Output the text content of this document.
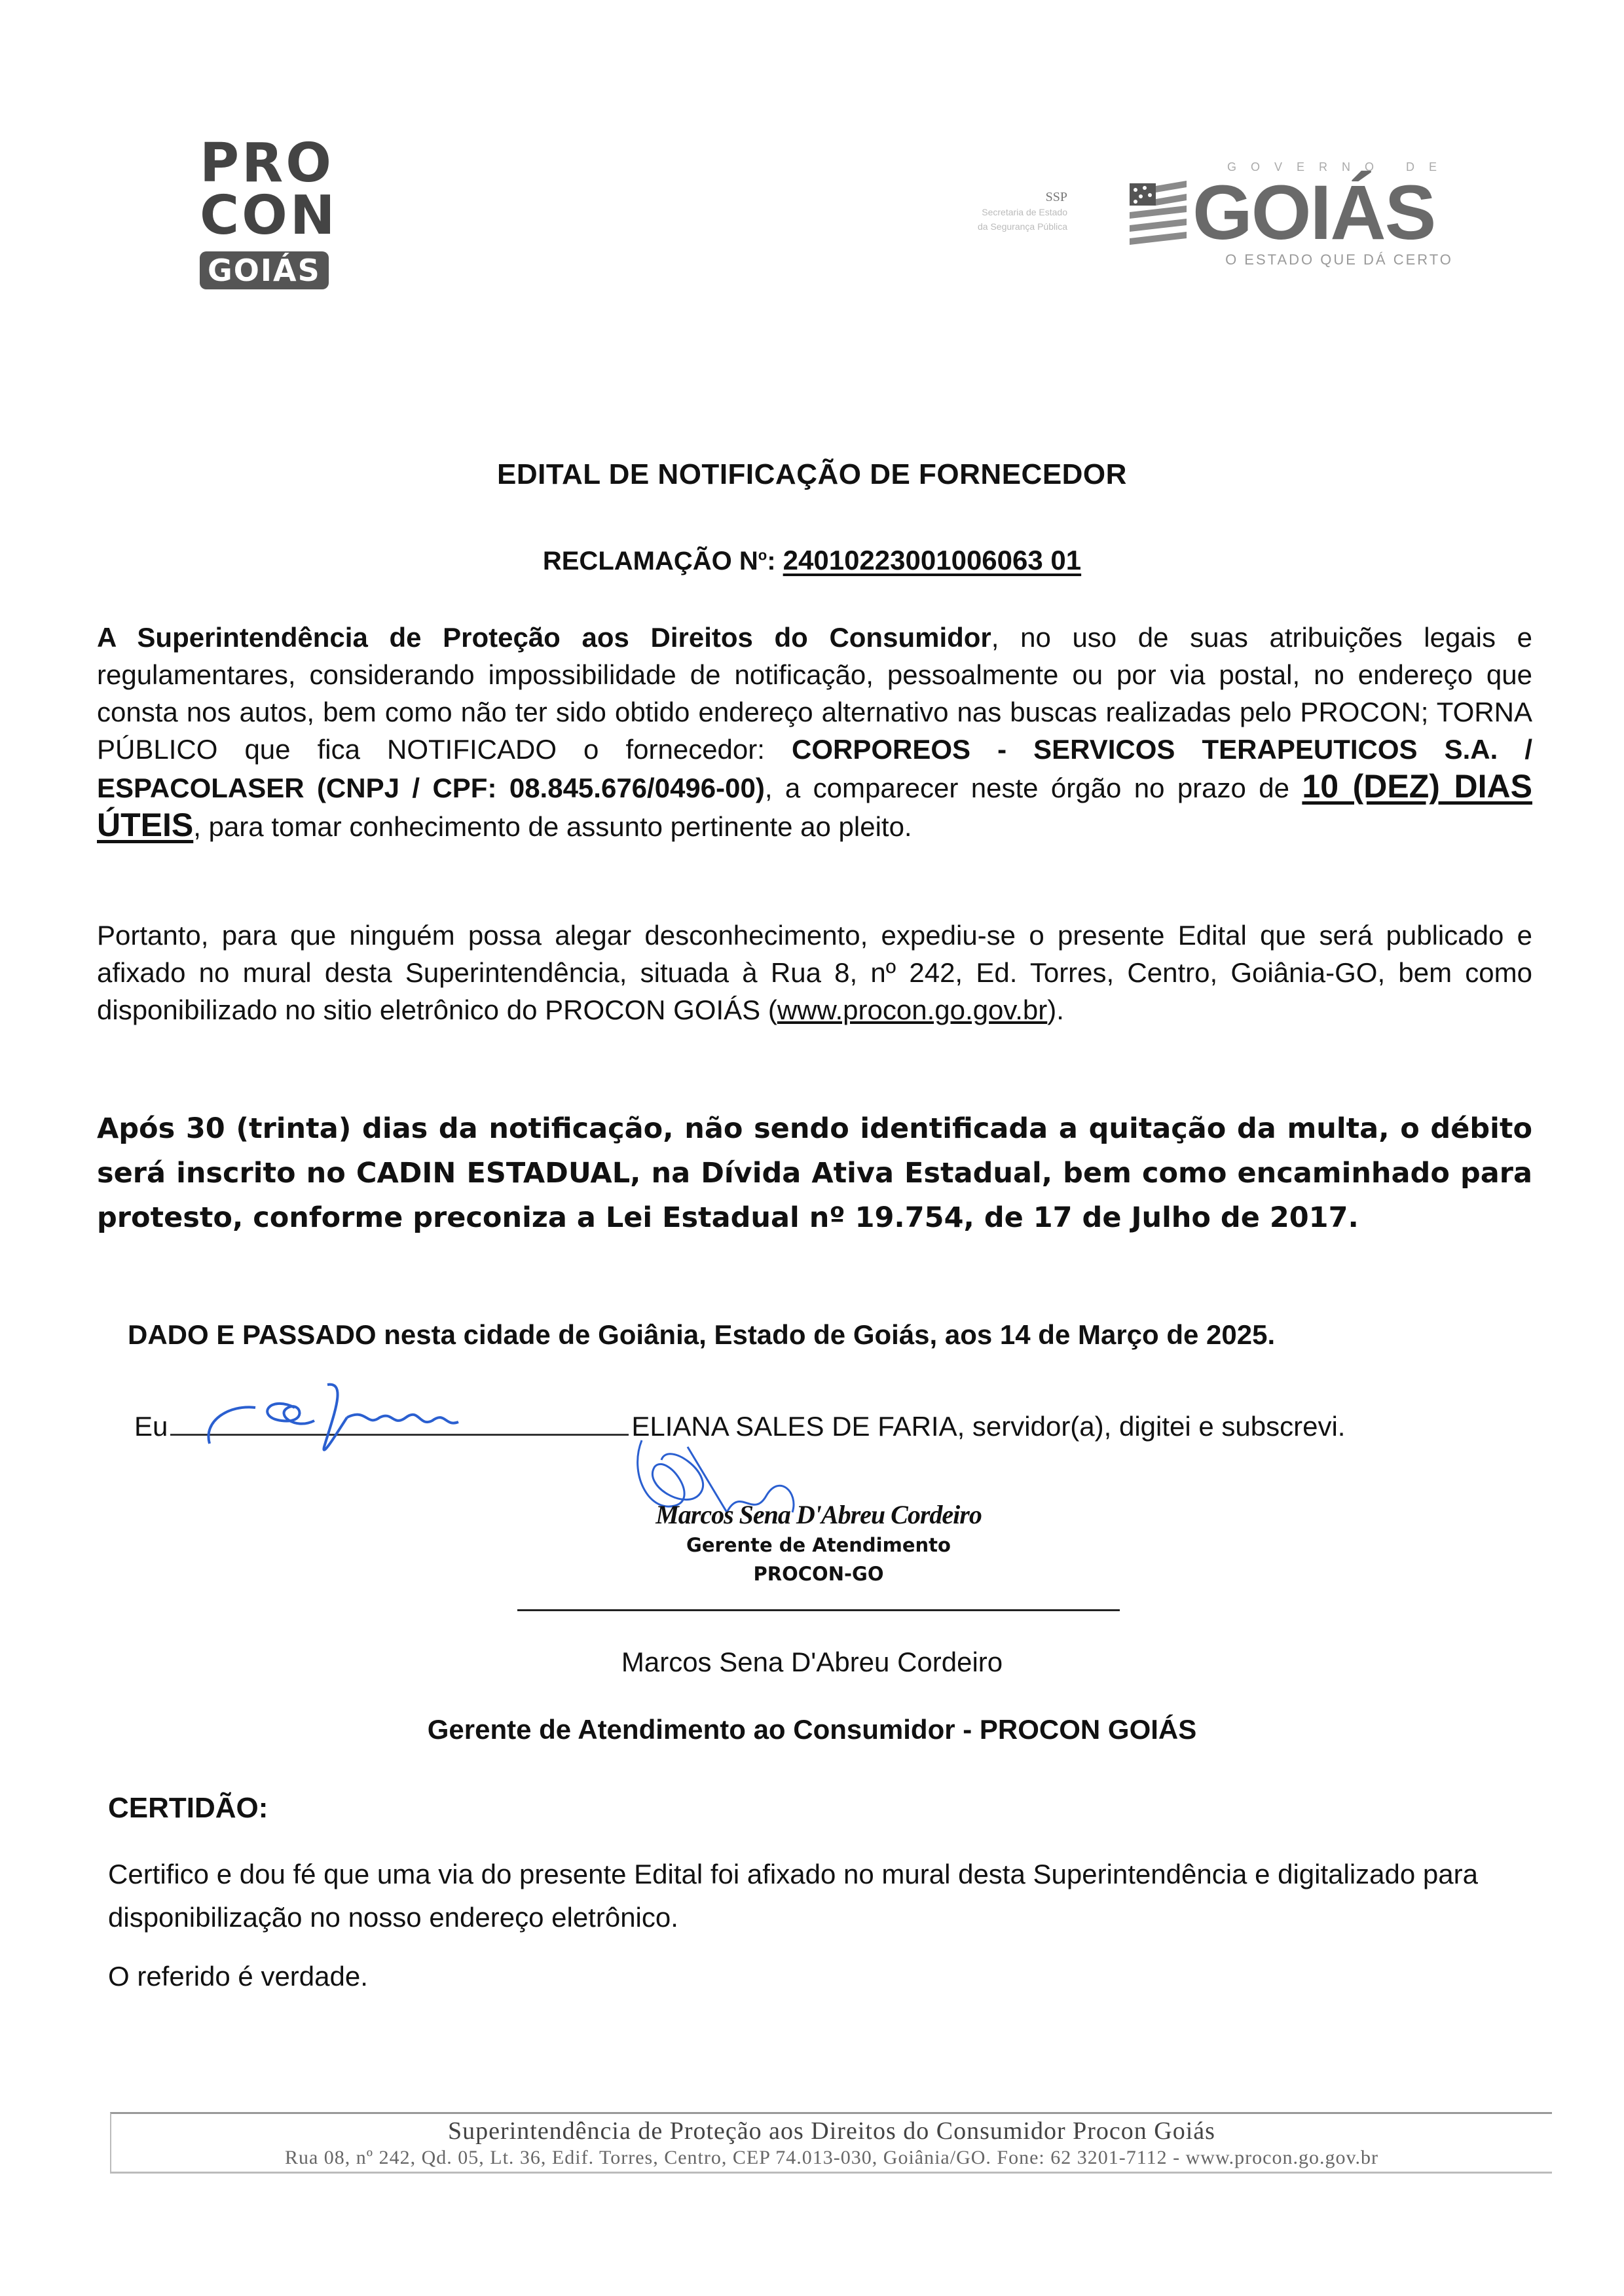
PRO
CON
GOIÁS
SSP
Secretaria de Estado
da Segurança Pública
GOVERNO DE
GOIÁS
O ESTADO QUE DÁ CERTO
EDITAL DE NOTIFICAÇÃO DE FORNECEDOR
RECLAMAÇÃO $N^o$: 24010223001006063 01
A Superintendência de Proteção aos Direitos do Consumidor, no uso de suas atribuições legais e regulamentares, considerando impossibilidade de notificação, pessoalmente ou por via postal, no endereço que consta nos autos, bem como não ter sido obtido endereço alternativo nas buscas realizadas pelo PROCON; TORNA PÚBLICO que fica NOTIFICADO o fornecedor: CORPOREOS - SERVICOS TERAPEUTICOS S.A. / ESPACOLASER (CNPJ / CPF: 08.845.676/0496-00), a comparecer neste órgão no prazo de 10 (DEZ) DIAS ÚTEIS, para tomar conhecimento de assunto pertinente ao pleito.
Portanto, para que ninguém possa alegar desconhecimento, expediu-se o presente Edital que será publicado e afixado no mural desta Superintendência, situada à Rua 8, nº 242, Ed. Torres, Centro, Goiânia-GO, bem como disponibilizado no sitio eletrônico do PROCON GOIÁS (www.procon.go.gov.br).
Após 30 (trinta) dias da notificação, não sendo identificada a quitação da multa, o débito será inscrito no CADIN ESTADUAL, na Dívida Ativa Estadual, bem como encaminhado para protesto, conforme preconiza a Lei Estadual nº 19.754, de 17 de Julho de 2017.
DADO E PASSADO nesta cidade de Goiânia, Estado de Goiás, aos 14 de Março de 2025.
Eu	ELIANA SALES DE FARIA, servidor(a), digitei e subscrevi.
Marcos Sena D'Abreu Cordeiro
Gerente de Atendimento
PROCON-GO
Marcos Sena D'Abreu Cordeiro
Gerente de Atendimento ao Consumidor - PROCON GOIÁS
CERTIDÃO:
Certifico e dou fé que uma via do presente Edital foi afixado no mural desta Superintendência e digitalizado para disponibilização no nosso endereço eletrônico.
O referido é verdade.
Superintendência de Proteção aos Direitos do Consumidor Procon Goiás
Rua 08, nº 242, Qd. 05, Lt. 36, Edif. Torres, Centro, CEP 74.013-030, Goiânia/GO. Fone: 62 3201-7112 - www.procon.go.gov.br
